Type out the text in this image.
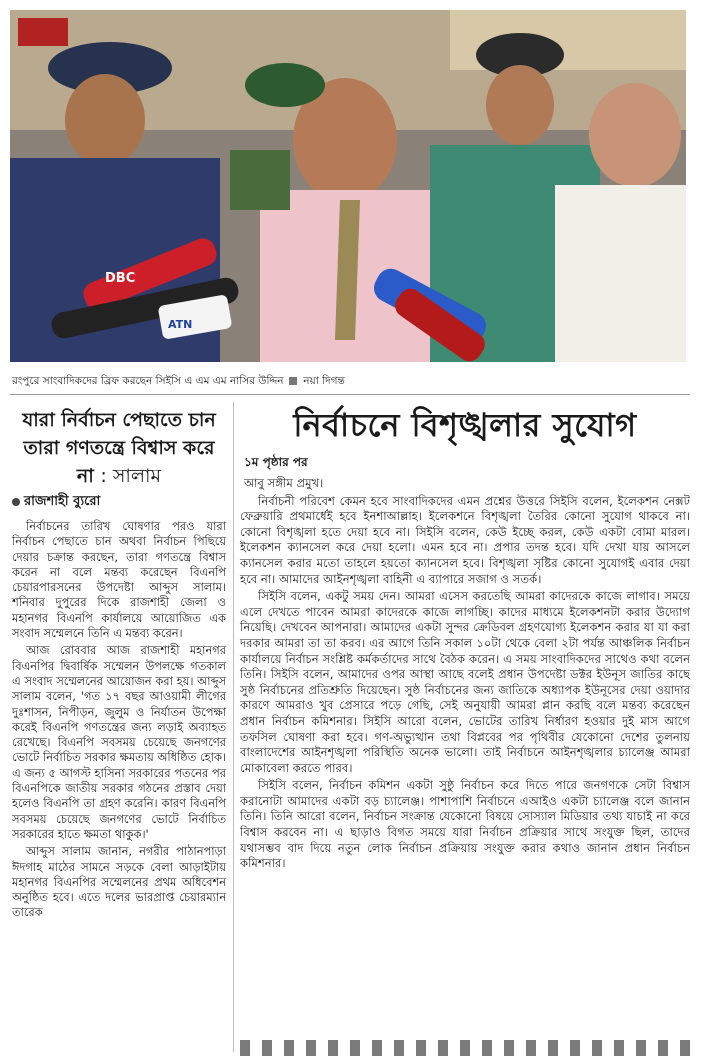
DBC
ATN
রংপুরে সাংবাদিকদের ব্রিফ করছেন সিইসি এ এম এম নাসির উদ্দিন নয়া দিগন্ত
যারা নির্বাচন পেছাতে চান তারা গণতন্ত্রে বিশ্বাস করে না : সালাম
রাজশাহী ব্যুরো

নির্বাচনের তারিখ ঘোষণার পরও যারা নির্বাচন পেছাতে চান অথবা নির্বাচন পিছিয়ে দেয়ার চক্রান্ত করছেন, তারা গণতন্ত্রে বিশ্বাস করেন না বলে মন্তব্য করেছেন বিএনপি চেয়ারপারসনের উপদেষ্টা আব্দুস সালাম। শনিবার দুপুরের দিকে রাজশাহী জেলা ও মহানগর বিএনপি কার্যালয়ে আয়োজিত এক সংবাদ সম্মেলনে তিনি এ মন্তব্য করেন।

আজ রোববার আজ রাজশাহী মহানগর বিএনপির দ্বিবার্ষিক সম্মেলন উপলক্ষে গতকাল এ সংবাদ সম্মেলনের আয়োজন করা হয়। আব্দুস সালাম বলেন, 'গত ১৭ বছর আওয়ামী লীগের দুঃশাসন, নিপীড়ন, জুলুম ও নির্যাতন উপেক্ষা করেই বিএনপি গণতন্ত্রের জন্য লড়াই অব্যাহত রেখেছে। বিএনপি সবসময় চেয়েছে জনগণের ভোটে নির্বাচিত সরকার ক্ষমতায় অধিষ্ঠিত হোক। এ জন্য ৫ আগস্ট হাসিনা সরকারের পতনের পর বিএনপিকে জাতীয় সরকার গঠনের প্রস্তাব দেয়া হলেও বিএনপি তা গ্রহণ করেনি। কারণ বিএনপি সবসময় চেয়েছে জনগণের ভোটে নির্বাচিত সরকারের হাতে ক্ষমতা থাকুক।'

আব্দুস সালাম জানান, নগরীর পাঠানপাড়া ঈদগাহ মাঠের সামনে সড়কে বেলা আড়াইটায় মহানগর বিএনপির সম্মেলনের প্রথম অধিবেশন অনুষ্ঠিত হবে। এতে দলের ভারপ্রাপ্ত চেয়ারম্যান তারেক

নির্বাচনে বিশৃঙ্খলার সুযোগ
১ম পৃষ্ঠার পর

আবু সঙ্গীম প্রমুখ।

নির্বাচনী পরিবেশ কেমন হবে সাংবাদিকদের এমন প্রশ্নের উত্তরে সিইসি বলেন, ইলেকশন নেক্সট ফেব্রুয়ারি প্রথমার্ধেই হবে ইনশাআল্লাহ। ইলেকশনে বিশৃঙ্খলা তৈরির কোনো সুযোগ থাকবে না। কোনো বিশৃঙ্খলা হতে দেয়া হবে না। সিইসি বলেন, কেউ ইচ্ছে করল, কেউ একটা বোমা মারল। ইলেকশন ক্যানসেল করে দেয়া হলো। এমন হবে না। প্রপার তদন্ত হবে। যদি দেখা যায় আসলে ক্যানসেল করার মতো তাহলে হয়তো ক্যানসেল হবে। বিশৃঙ্খলা সৃষ্টির কোনো সুযোগই এবার দেয়া হবে না। আমাদের আইনশৃঙ্খলা বাহিনী এ ব্যাপারে সজাগ ও সতর্ক।

সিইসি বলেন, একটু সময় দেন। আমরা এসেস করতেছি আমরা কাদেরকে কাজে লাগাব। সময়ে এলে দেখতে পাবেন আমরা কাদেরকে কাজে লাগচ্ছি। কাদের মাধ্যমে ইলেকশনটা করার উদ্যোগ নিয়েছি। দেখবেন আপনারা। আমাদের একটা সুন্দর ক্রেডিবল গ্রহণযোগ্য ইলেকশন করার যা যা করা দরকার আমরা তা তা করব। এর আগে তিনি সকাল ১০টা থেকে বেলা ২টা পর্যন্ত আঞ্চলিক নির্বাচন কার্যালয়ে নির্বাচন সংশ্লিষ্ট কর্মকর্তাদের সাথে বৈঠক করেন। এ সময় সাংবাদিকদের সাথেও কথা বলেন তিনি। সিইসি বলেন, আমাদের ওপর আস্থা আছে বলেই প্রধান উপদেষ্টা ডক্টর ইউনূস জাতির কাছে সুষ্ঠ নির্বাচনের প্রতিশ্রুতি দিয়েছেন। সুষ্ঠ নির্বাচনের জন্য জাতিকে অধ্যাপক ইউনূসের দেয়া ওয়াদার কারণে আমরাও খুব প্রেসারে পড়ে গেছি, সেই অনুযায়ী আমরা প্লান করছি বলে মন্তব্য করেছেন প্রধান নির্বাচন কমিশনার। সিইসি আরো বলেন, ভোটের তারিখ নির্ধারণ হওয়ার দুই মাস আগে তফসিল ঘোষণা করা হবে। গণ-অভ্যুত্থান তথা বিপ্লবের পর পৃথিবীর যেকোনো দেশের তুলনায় বাংলাদেশের আইনশৃঙ্খলা পরিস্থিতি অনেক ভালো। তাই নির্বাচনে আইনশৃঙ্খলার চ্যালেঞ্জ আমরা মোকাবেলা করতে পারব।

সিইসি বলেন, নির্বাচন কমিশন একটা সুষ্ঠু নির্বাচন করে দিতে পারে জনগণকে সেটা বিশ্বাস করানোটা আমাদের একটা বড় চ্যালেঞ্জ। পাশাপাশি নির্বাচনে এআইও একটা চ্যালেঞ্জ বলে জানান তিনি। তিনি আরো বলেন, নির্বাচন সংক্রান্ত যেকোনো বিষয়ে সোস্যাল মিডিয়ার তথ্য যাচাই না করে বিশ্বাস করবেন না। এ ছাড়াও বিগত সময়ে যারা নির্বাচন প্রক্রিয়ার সাথে সংযুক্ত ছিল, তাদের যথাসম্ভব বাদ দিয়ে নতুন লোক নির্বাচন প্রক্রিয়ায় সংযুক্ত করার কথাও জানান প্রধান নির্বাচন কমিশনার।
